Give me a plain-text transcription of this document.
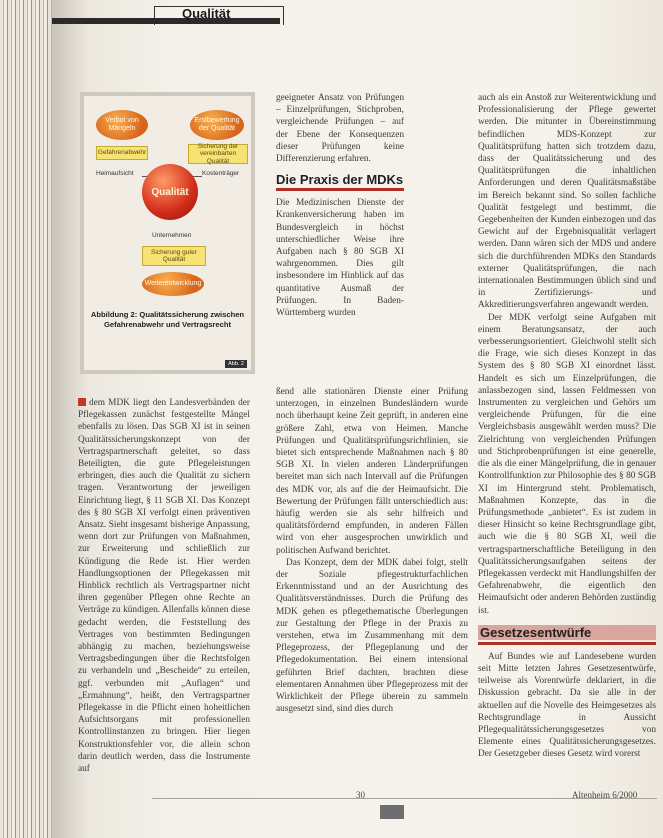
Qualität
Verbot von Mängeln
Erstbewertung der Qualität
Gefahrenabwehr
Sicherung der vereinbarten Qualität
Heimaufsicht	Kostenträger
Qualität
Unternehmen
Sicherung guter Qualität
Weiterentwicklung
Abbildung 2: Qualitätssicherung zwischen Gefahrenabwehr und Vertragsrecht
Abb. 2

dem MDK liegt den Landesverbänden der Pflegekassen zunächst festgestellte Mängel ebenfalls zu lösen. Das SGB XI ist in seinen Qualitätssicherungskonzept von der Vertragspartnerschaft geleitet, so dass Beteiligten, die gute Pflegeleistungen erbringen, dies auch die Qualität zu sichern tragen. Verantwortung der jeweiligen Einrichtung liegt, § 11 SGB XI. Das Konzept des § 80 SGB XI verfolgt einen präventiven Ansatz. Sieht insgesamt bisherige Anpassung, wenn dort zur Prüfungen von Maßnahmen, zur Erweiterung und schließlich zur Kündigung die Rede ist. Hier werden Handlungsoptionen der Pflegekassen mit Hinblick rechtlich als Vertragspartner nicht ihren gegenüber Pflegen ohne Rechte an Verträge zu kündigen. Allenfalls können diese gedacht werden, die Feststellung des Vertrages von bestimmten Bedingungen abhängig zu machen, beziehungsweise Vertragsbedingungen über die Rechtsfolgen zu verhandeln und „Bescheide“ zu erteilen, ggf. verbunden mit „Auflagen“ und „Ermahnung“, heißt, den Vertragspartner Pflegekasse in die Pflicht einen hoheitlichen Aufsichtsorgans mit professionellen Kontrollinstanzen zu bringen. Hier liegen Konstruktionsfehler vor, die allein schon darin deutlich werden, dass die Instrumente auf

geeigneter Ansatz von Prüfungen – Einzelprüfungen, Stichproben, vergleichende Prüfungen – auf der Ebene der Konsequenzen dieser Prüfungen keine Differenzierung erfahren.

Die Praxis der MDKs

Die Medizinischen Dienste der Krankenversicherung haben im Bundesvergleich in höchst unterschiedlicher Weise ihre Aufgaben nach § 80 SGB XI wahrgenommen. Dies gilt insbesondere im Hinblick auf das quantitative Ausmaß der Prüfungen. In Baden-Württemberg wurden

ßend alle stationären Dienste einer Prüfung unterzogen, in einzelnen Bundesländern wurde noch überhaupt keine Zeit geprüft, in anderen eine größere Zahl, etwa von Heimen. Manche Prüfungen und Qualitätsprüfungsrichtlinien, sie bietet sich entsprechende Maßnahmen nach § 80 SGB XI. In vielen anderen Länderprüfungen bereitet man sich nach Intervall auf die Prüfungen des MDK vor, als auf die der Heimaufsicht. Die Bewertung der Prüfungen fällt unterschiedlich aus: häufig werden sie als sehr hilfreich und qualitätsfördernd empfunden, in anderen Fällen wird von eher ausgesprochen unwirklich und politischen Aufwand berichtet.

Das Konzept, dem der MDK dabei folgt, stellt der Soziale pflegestrukturfachlichen Erkenntnisstand und an der Ausrichtung des Qualitätsverständnisses. Durch die Prüfung des MDK gehen es pflegethematische Überlegungen zur Gestaltung der Pflege in der Praxis zu verstehen, etwa im Zusammenhang mit dem Pflegeprozess, der Pflegeplanung und der Pflegedokumentation. Bei einem intensional geführten Brief dachten, brachten diese elementaren Annahmen über Pflegeprozess mit der Wirklichkeit der Pflege überein zu sammeln ausgesetzt sind, sind dies durch

auch als ein Anstoß zur Weiterentwicklung und Professionalisierung der Pflege gewertet werden. Die mitunter in Übereinstimmung befindlichen MDS-Konzept zur Qualitätsprüfung hatten sich trotzdem dazu, dass der Qualitätssicherung und des Qualitätsprüfungen die inhaltlichen Anforderungen und deren Qualitätsmaßstäbe im Bereich bekannt sind. So sollen fachliche Qualität festgelegt und bestimmt, die Gegebenheiten der Kunden einbezogen und das Gewicht auf der Ergebnisqualität verlagert werden. Dann wären sich der MDS und andere sich die durchführenden MDKs den Standards externer Qualitätsprüfungen, die nach internationalen Bestimmungen üblich sind und in Zertifizierungs- und Akkreditierungsverfahren angewandt werden.

Der MDK verfolgt seine Aufgaben mit einem Beratungsansatz, der auch verbesserungsorientiert. Gleichwohl stellt sich die Frage, wie sich dieses Konzept in das System des § 80 SGB XI einordnet lässt. Handelt es sich um Einzelprüfungen, die anlassbezogen sind, lassen Feldmessen von Instrumenten zu vergleichen und Gehörs um vergleichende Prüfungen, für die eine Vergleichsbasis ausgewählt werden muss? Die Zielrichtung von vergleichenden Prüfungen und Stichprobenprüfungen ist eine generelle, die als die einer Mängelprüfung, die in genauer Kontrollfunktion zur Philosophie des § 80 SGB XI im Hintergrund steht. Problematisch, Maßnahmen Konzepte, das in die Prüfungsmethode „anbietet“. Es ist zudem in dieser Hinsicht so keine Rechtsgrundlage gibt, auch wie die § 80 SGB XI, weil die vertragspartnerschaftliche Beteiligung in den Qualitätssicherungsaufgaben seitens der Pflegekassen verdeckt mit Handlungshilfen der Gefahrenabwehr, die eigentlich den Heimaufsicht oder anderen Behörden zuständig ist.

Gesetzesentwürfe

Auf Bundes wie auf Landesebene wurden seit Mitte letzten Jahres Gesetzesentwürfe, teilweise als Vorentwürfe deklariert, in die Diskussion gebracht. Da sie alle in der aktuellen auf die Novelle des Heimgesetzes als Rechtsgrundlage in Aussicht Pflegequalitätssicherungsgesetzes von Elemente eines Qualitätssicherungsgesetzes. Der Gesetzgeber dieses Gesetz wird vorerst

30	Altenheim 6/2000
